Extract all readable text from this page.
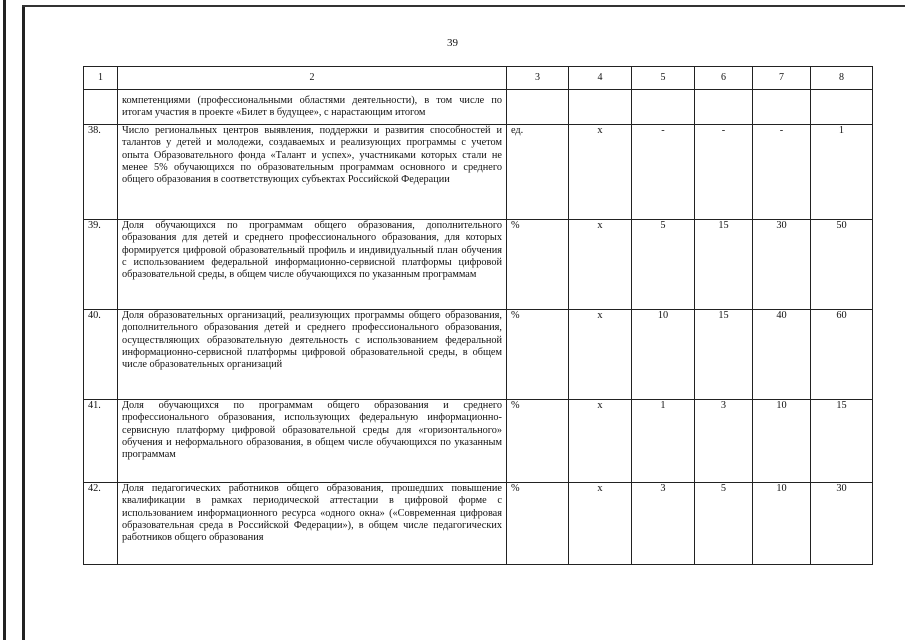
39
1	2	3	4	5	6	7	8
	компетенциями (профессиональными областями деятельности), в том числе по итогам участия в проекте «Билет в будущее», с нарастающим итогом						
38.	Число региональных центров выявления, поддержки и развития способностей и талантов у детей и молодежи, создаваемых и реализующих программы с учетом опыта Образовательного фонда «Талант и успех», участниками которых стали не менее 5% обучающихся по образовательным программам основного и среднего общего образования в соответствующих субъектах Российской Федерации	ед.	х	-	-	-	1
39.	Доля обучающихся по программам общего образования, дополнительного образования для детей и среднего профессионального образования, для которых формируется цифровой образовательный профиль и индивидуальный план обучения с использованием федеральной информационно-сервисной платформы цифровой образовательной среды, в общем числе обучающихся по указанным программам	%	х	5	15	30	50
40.	Доля образовательных организаций, реализующих программы общего образования, дополнительного образования детей и среднего профессионального образования, осуществляющих образовательную деятельность с использованием федеральной информационно-сервисной платформы цифровой образовательной среды, в общем числе образовательных организаций	%	х	10	15	40	60
41.	Доля обучающихся по программам общего образования и среднего профессионального образования, использующих федеральную информационно-сервисную платформу цифровой образовательной среды для «горизонтального» обучения и неформального образования, в общем числе обучающихся по указанным программам	%	х	1	3	10	15
42.	Доля педагогических работников общего образования, прошедших повышение квалификации в рамках периодической аттестации в цифровой форме с использованием информационного ресурса «одного окна» («Современная цифровая образовательная среда в Российской Федерации»), в общем числе педагогических работников общего образования	%	х	3	5	10	30
